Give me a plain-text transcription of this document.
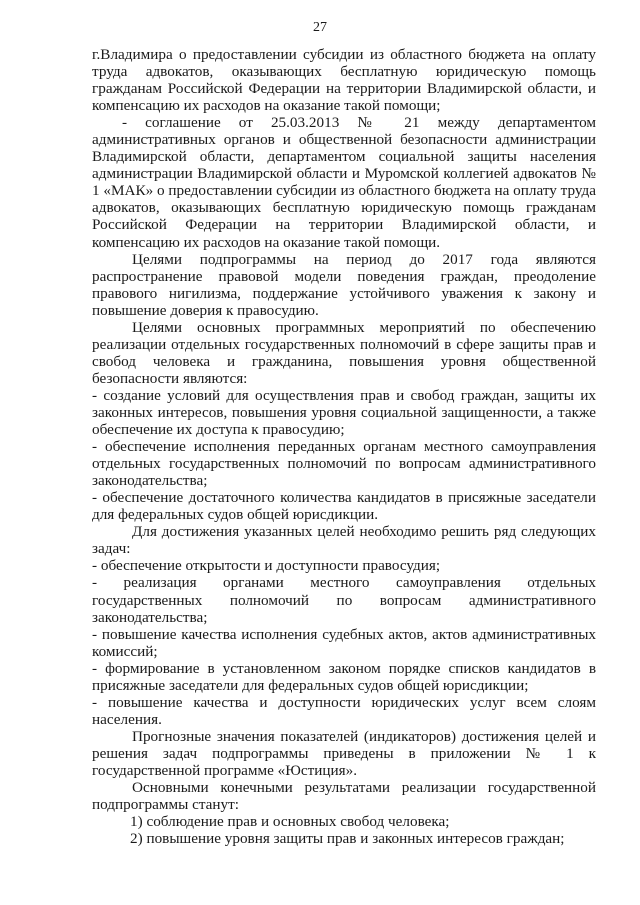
27

г.Владимира о предоставлении субсидии из областного бюджета на оплату труда адвокатов, оказывающих бесплатную юридическую помощь гражданам Российской Федерации на территории Владимирской области, и компенсацию их расходов на оказание такой помощи;

- соглашение от 25.03.2013 № 21 между департаментом административных органов и общественной безопасности администрации Владимирской области, департаментом социальной защиты населения администрации Владимирской области и Муромской коллегией адвокатов № 1 «МАК» о предоставлении субсидии из областного бюджета на оплату труда адвокатов, оказывающих бесплатную юридическую помощь гражданам Российской Федерации на территории Владимирской области, и компенсацию их расходов на оказание такой помощи.

Целями подпрограммы на период до 2017 года являются распространение правовой модели поведения граждан, преодоление правового нигилизма, поддержание устойчивого уважения к закону и повышение доверия к правосудию.

Целями основных программных мероприятий по обеспечению реализации отдельных государственных полномочий в сфере защиты прав и свобод человека и гражданина, повышения уровня общественной безопасности являются:

- создание условий для осуществления прав и свобод граждан, защиты их законных интересов, повышения уровня социальной защищенности, а также обеспечение их доступа к правосудию;

- обеспечение исполнения переданных органам местного самоуправления отдельных государственных полномочий по вопросам административного законодательства;

- обеспечение достаточного количества кандидатов в присяжные заседатели для федеральных судов общей юрисдикции.

Для достижения указанных целей необходимо решить ряд следующих задач:

- обеспечение открытости и доступности правосудия;

- реализация органами местного самоуправления отдельных государственных полномочий по вопросам административного законодательства;

- повышение качества исполнения судебных актов, актов административных комиссий;

- формирование в установленном законом порядке списков кандидатов в присяжные заседатели для федеральных судов общей юрисдикции;

- повышение качества и доступности юридических услуг всем слоям населения.

Прогнозные значения показателей (индикаторов) достижения целей и решения задач подпрограммы приведены в приложении № 1 к государственной программе «Юстиция».

Основными конечными результатами реализации государственной подпрограммы станут:

1) соблюдение прав и основных свобод человека;

2) повышение уровня защиты прав и законных интересов граждан;
